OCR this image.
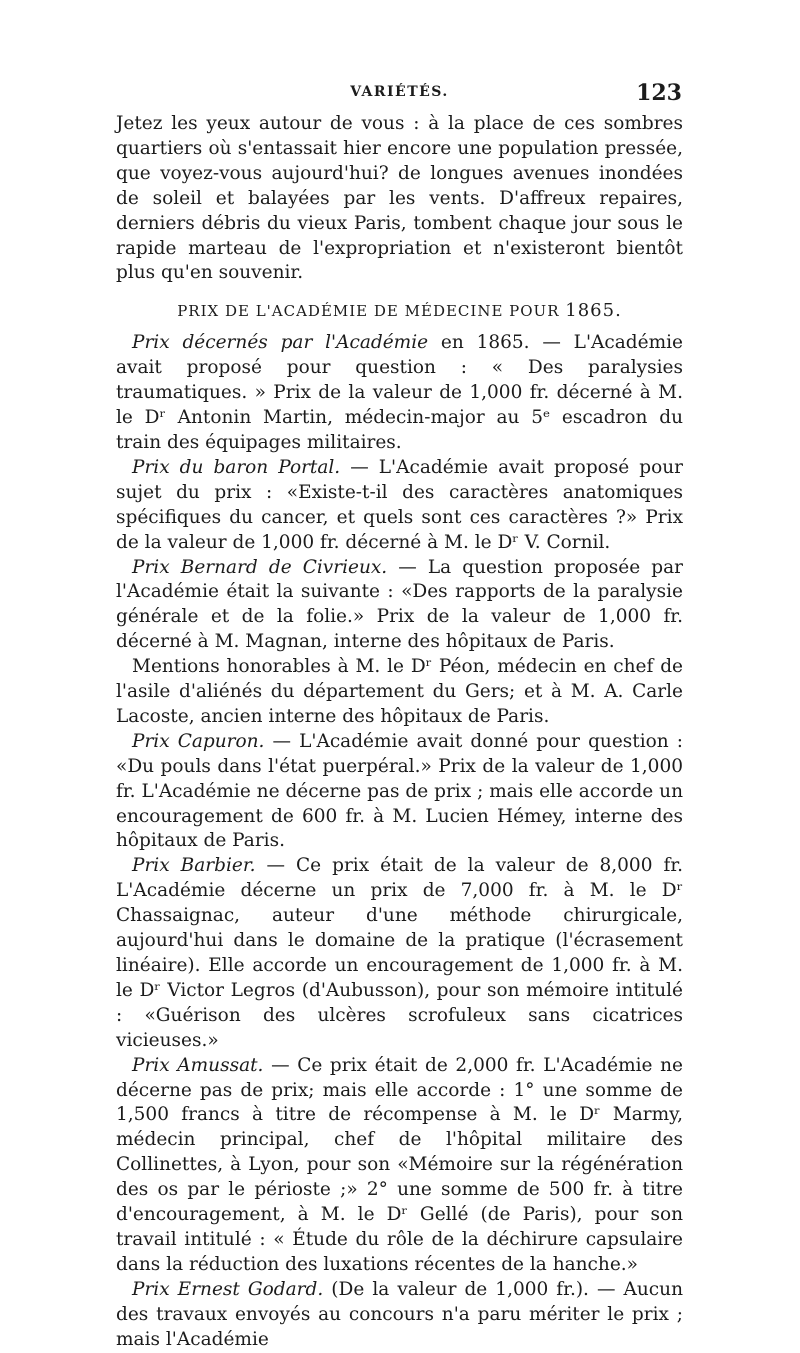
VARIÉTÉS.	123

Jetez les yeux autour de vous : à la place de ces sombres quartiers où s'entassait hier encore une population pressée, que voyez-vous aujourd'hui? de longues avenues inondées de soleil et balayées par les vents. D'affreux repaires, derniers débris du vieux Paris, tombent chaque jour sous le rapide marteau de l'expropriation et n'existeront bientôt plus qu'en souvenir.

PRIX DE L'ACADÉMIE DE MÉDECINE POUR 1865.

Prix décernés par l'Académie en 1865. — L'Académie avait proposé pour question : « Des paralysies traumatiques. » Prix de la valeur de 1,000 fr. décerné à M. le Dʳ Antonin Martin, médecin-major au 5ᵉ escadron du train des équipages militaires.

Prix du baron Portal. — L'Académie avait proposé pour sujet du prix : «Existe-t-il des caractères anatomiques spécifiques du cancer, et quels sont ces caractères ?» Prix de la valeur de 1,000 fr. décerné à M. le Dʳ V. Cornil.

Prix Bernard de Civrieux. — La question proposée par l'Académie était la suivante : «Des rapports de la paralysie générale et de la folie.» Prix de la valeur de 1,000 fr. décerné à M. Magnan, interne des hôpitaux de Paris.

Mentions honorables à M. le Dʳ Péon, médecin en chef de l'asile d'aliénés du département du Gers; et à M. A. Carle Lacoste, ancien interne des hôpitaux de Paris.

Prix Capuron. — L'Académie avait donné pour question : «Du pouls dans l'état puerpéral.» Prix de la valeur de 1,000 fr. L'Académie ne décerne pas de prix ; mais elle accorde un encouragement de 600 fr. à M. Lucien Hémey, interne des hôpitaux de Paris.

Prix Barbier. — Ce prix était de la valeur de 8,000 fr. L'Académie décerne un prix de 7,000 fr. à M. le Dʳ Chassaignac, auteur d'une méthode chirurgicale, aujourd'hui dans le domaine de la pratique (l'écrasement linéaire). Elle accorde un encouragement de 1,000 fr. à M. le Dʳ Victor Legros (d'Aubusson), pour son mémoire intitulé : «Guérison des ulcères scrofuleux sans cicatrices vicieuses.»

Prix Amussat. — Ce prix était de 2,000 fr. L'Académie ne décerne pas de prix; mais elle accorde : 1° une somme de 1,500 francs à titre de récompense à M. le Dʳ Marmy, médecin principal, chef de l'hôpital militaire des Collinettes, à Lyon, pour son «Mémoire sur la régénération des os par le périoste ;» 2° une somme de 500 fr. à titre d'encouragement, à M. le Dʳ Gellé (de Paris), pour son travail intitulé : « Étude du rôle de la déchirure capsulaire dans la réduction des luxations récentes de la hanche.»

Prix Ernest Godard. (De la valeur de 1,000 fr.). — Aucun des travaux envoyés au concours n'a paru mériter le prix ; mais l'Académie
